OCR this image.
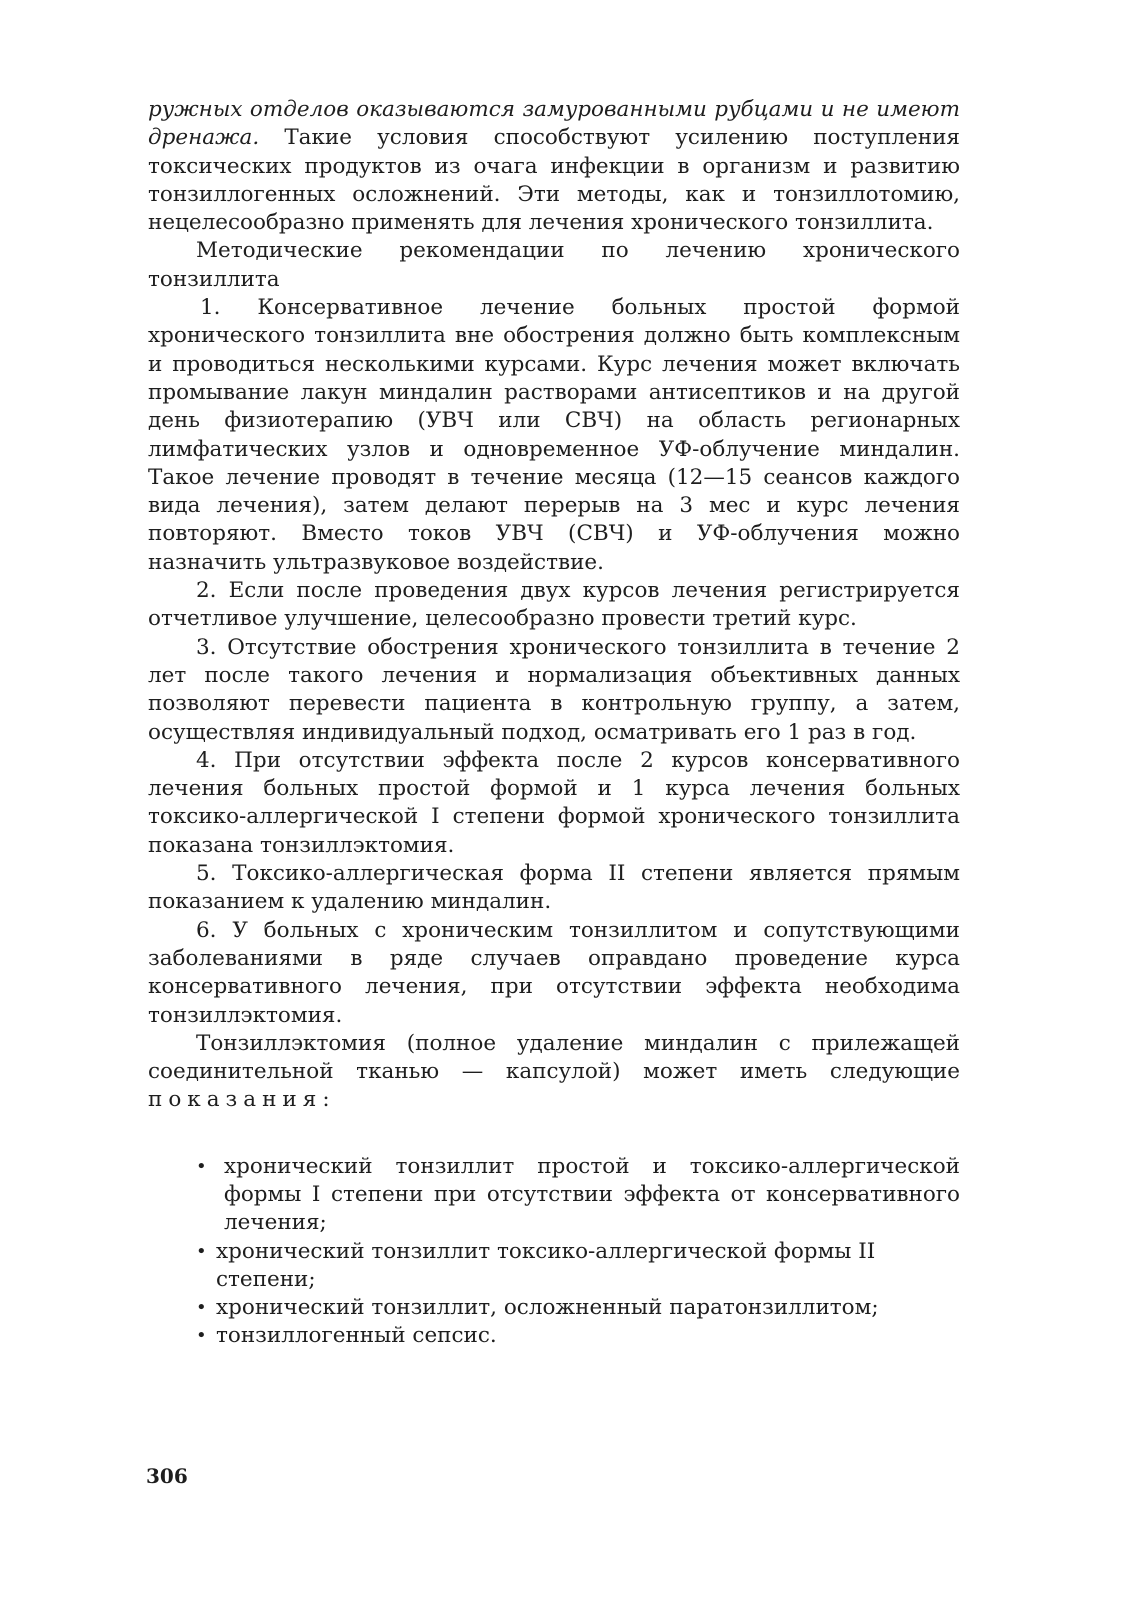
ружных отделов оказываются замурованными рубцами и не имеют дренажа. Такие условия способствуют усилению поступления токсических продуктов из очага инфекции в организм и развитию тонзиллогенных осложнений. Эти методы, как и тонзиллотомию, нецелесообразно применять для лечения хронического тонзиллита.

Методические рекомендации по лечению хронического тонзиллита

1. Консервативное лечение больных простой формой хронического тонзиллита вне обострения должно быть комплексным и проводиться несколькими курсами. Курс лечения может включать промывание лакун миндалин растворами антисептиков и на другой день физиотерапию (УВЧ или СВЧ) на область регионарных лимфатических узлов и одновременное УФ-облучение миндалин. Такое лечение проводят в течение месяца (12—15 сеансов каждого вида лечения), затем делают перерыв на 3 мес и курс лечения повторяют. Вместо токов УВЧ (СВЧ) и УФ-облучения можно назначить ультразвуковое воздействие.

2. Если после проведения двух курсов лечения регистрируется отчетливое улучшение, целесообразно провести третий курс.

3. Отсутствие обострения хронического тонзиллита в течение 2 лет после такого лечения и нормализация объективных данных позволяют перевести пациента в контрольную группу, а затем, осуществляя индивидуальный подход, осматривать его 1 раз в год.

4. При отсутствии эффекта после 2 курсов консервативного лечения больных простой формой и 1 курса лечения больных токсико-аллергической I степени формой хронического тонзиллита показана тонзиллэктомия.

5. Токсико-аллергическая форма II степени является прямым показанием к удалению миндалин.

6. У больных с хроническим тонзиллитом и сопутствующими заболеваниями в ряде случаев оправдано проведение курса консервативного лечения, при отсутствии эффекта необходима тонзиллэктомия.

Тонзиллэктомия (полное удаление миндалин с прилежащей соединительной тканью — капсулой) может иметь следующие показания:

• хронический тонзиллит простой и токсико-аллергической формы I степени при отсутствии эффекта от консервативного лечения;
• хронический тонзиллит токсико-аллергической формы II степени;
• хронический тонзиллит, осложненный паратонзиллитом;
• тонзиллогенный сепсис.
306
